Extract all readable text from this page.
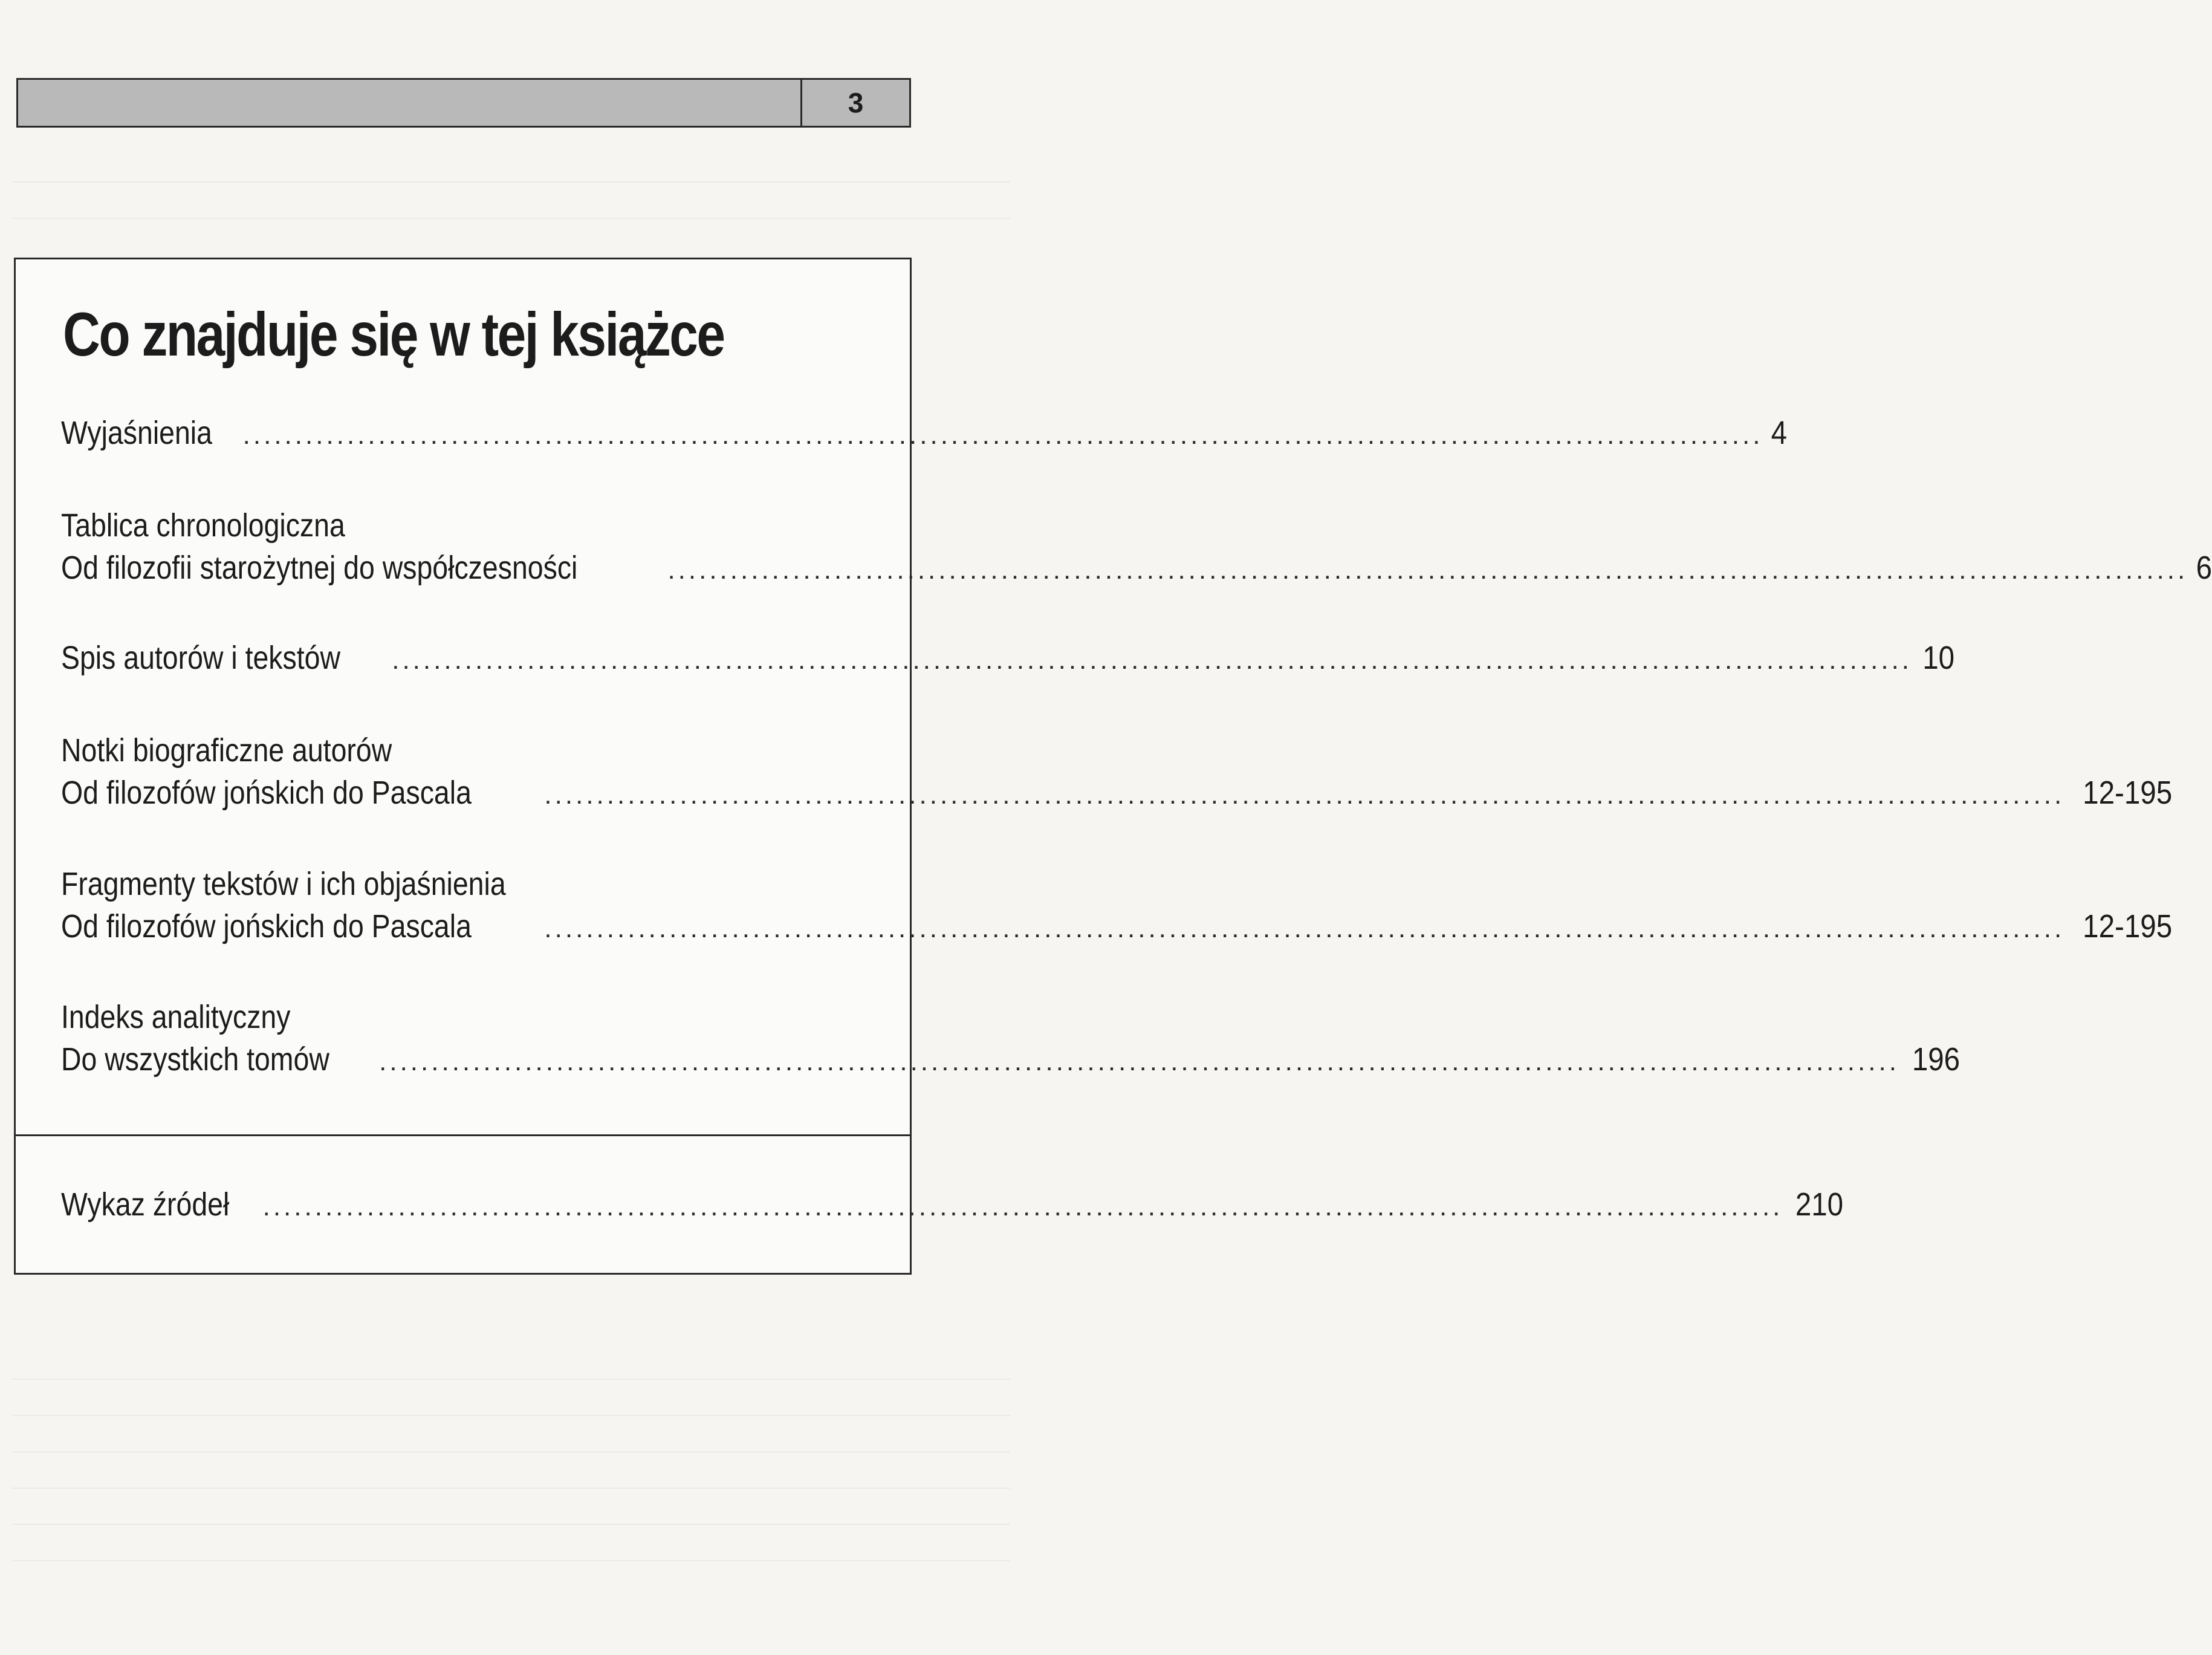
3
Co znajduje się w tej książce
Wyjaśnienia .................................................................................................................................................. 4
Tablica chronologiczna
Od filozofii starożytnej do współczesności	.................................................................................................................................................. 6
Spis autorów i tekstów .................................................................................................................................................. 10
Notki biograficzne autorów
Od filozofów jońskich do Pascala	.................................................................................................................................................. 12-195
Fragmenty tekstów i ich objaśnienia
Od filozofów jońskich do Pascala	.................................................................................................................................................. 12-195
Indeks analityczny
Do wszystkich tomów .................................................................................................................................................. 196
Wykaz źródeł .................................................................................................................................................. 210
